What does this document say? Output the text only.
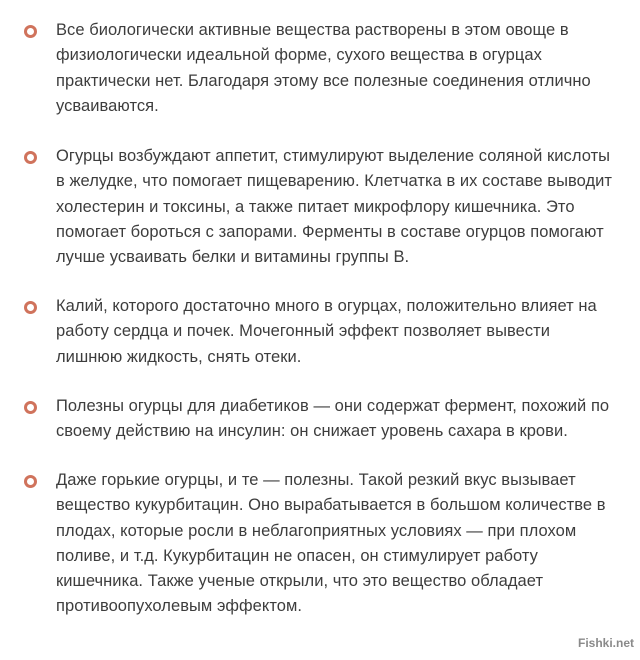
Все биологически активные вещества растворены в этом овоще в
физиологически идеальной форме, сухого вещества в огурцах
практически нет. Благодаря этому все полезные соединения отлично
усваиваются.

Огурцы возбуждают аппетит, стимулируют выделение соляной кислоты
в желудке, что помогает пищеварению. Клетчатка в их составе выводит
холестерин и токсины, а также питает микрофлору кишечника. Это
помогает бороться с запорами. Ферменты в составе огурцов помогают
лучше усваивать белки и витамины группы В.

Калий, которого достаточно много в огурцах, положительно влияет на
работу сердца и почек. Мочегонный эффект позволяет вывести
лишнюю жидкость, снять отеки.

Полезны огурцы для диабетиков — они содержат фермент, похожий по
своему действию на инсулин: он снижает уровень сахара в крови.

Даже горькие огурцы, и те — полезны. Такой резкий вкус вызывает
вещество кукурбитацин. Оно вырабатывается в большом количестве в
плодах, которые росли в неблагоприятных условиях — при плохом
поливе, и т.д. Кукурбитацин не опасен, он стимулирует работу
кишечника. Также ученые открыли, что это вещество обладает
противоопухолевым эффектом.

Fishki.net
